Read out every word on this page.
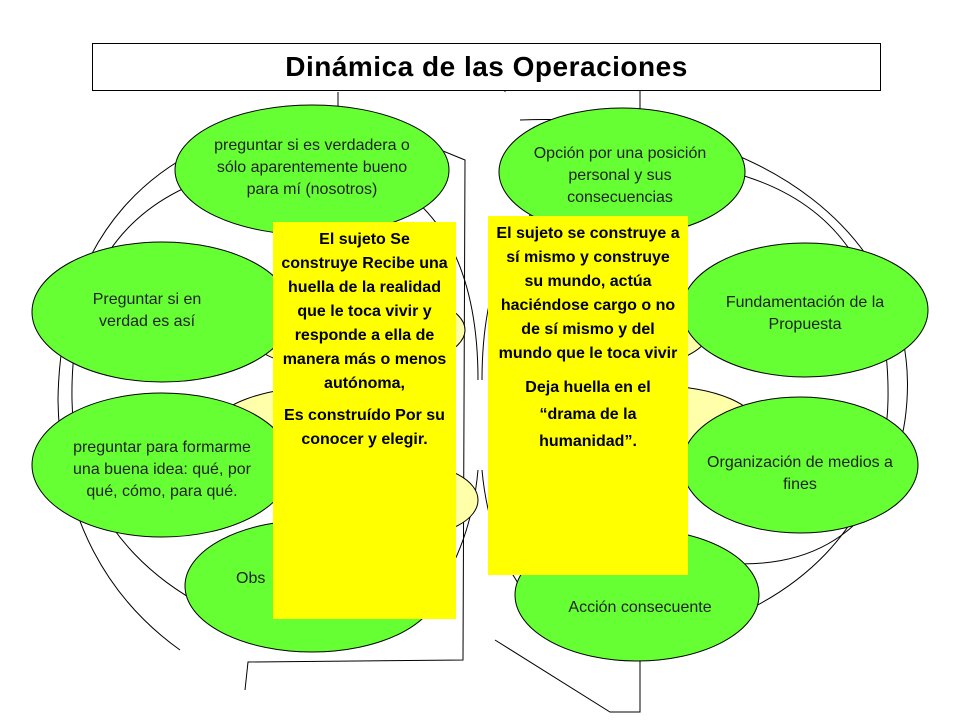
Dinámica de las Operaciones
preguntar si es verdadera o sólo aparentemente bueno para mí (nosotros)
Preguntar si en verdad es así
preguntar para formarme una buena idea: qué, por qué, cómo, para qué.
Obs
Opción por una posición personal y sus consecuencias
Fundamentación de la Propuesta
Organización de medios a fines
Acción consecuente

El sujeto Se construye Recibe una huella de la realidad que le toca vivir y responde a ella de manera más o menos autónoma,

Es construído Por su conocer y elegir.

El sujeto se construye a sí mismo y construye su mundo, actúa haciéndose cargo o no de sí mismo y del mundo que le toca vivir

Deja huella en el “drama de la humanidad”.
